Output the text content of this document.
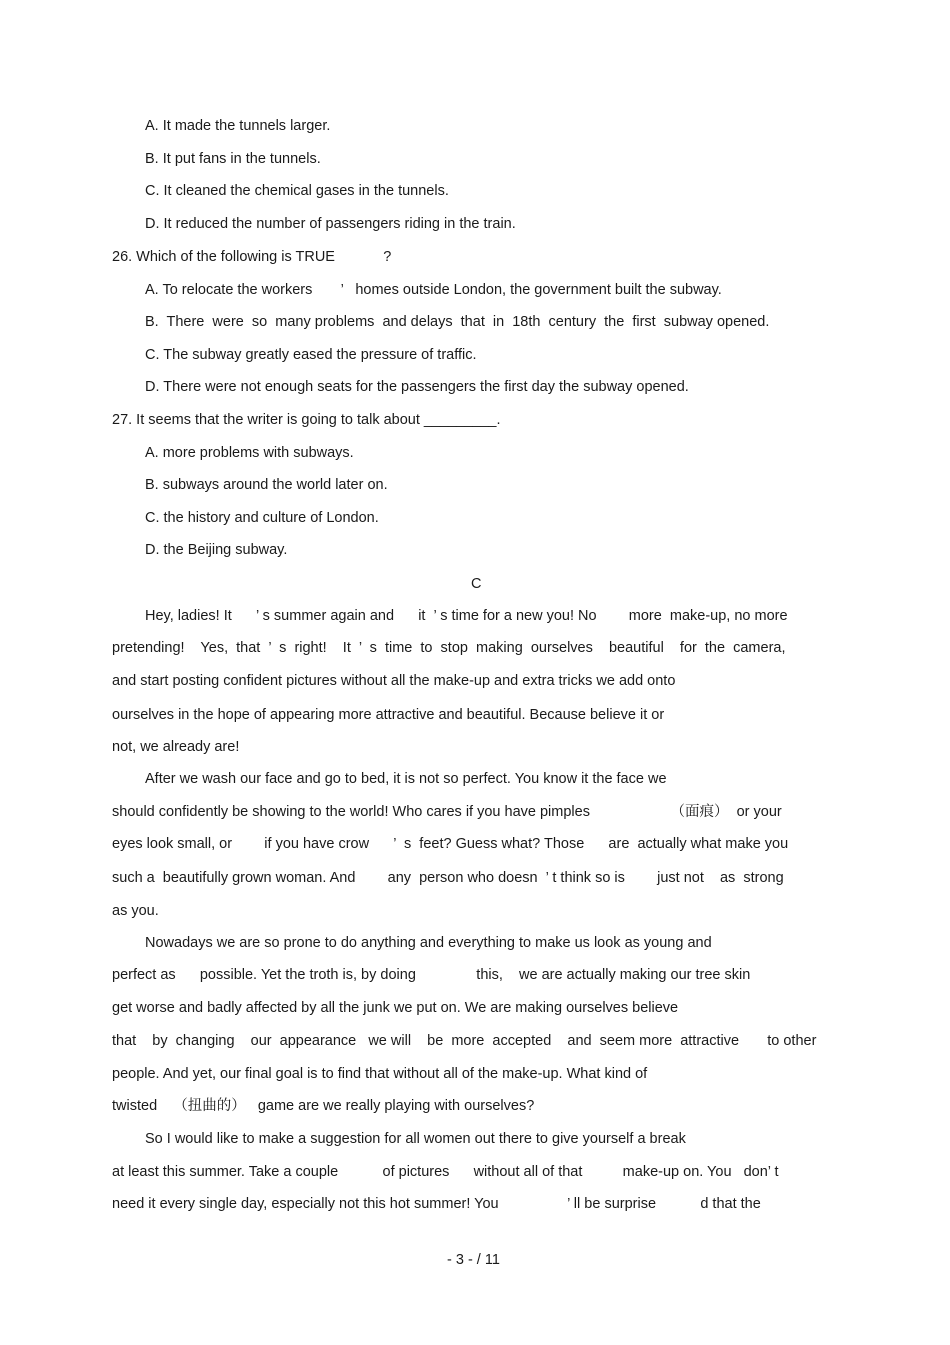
A. It made the tunnels larger.
B. It put fans in the tunnels.
C. It cleaned the chemical gases in the tunnels.
D. It reduced the number of passengers riding in the train.
26. Which of the following is TRUE            ?
A. To relocate the workers       ’   homes outside London, the government built the subway.
B.  There  were  so  many problems  and delays  that  in  18th  century  the  first  subway opened.
C. The subway greatly eased the pressure of traffic.
D. There were not enough seats for the passengers the first day the subway opened.
27. It seems that the writer is going to talk about _________.
A. more problems with subways.
B. subways around the world later on.
C. the history and culture of London.
D. the Beijing subway.
C
Hey, ladies! It      ’ s summer again and      it  ’ s time for a new you! No        more  make-up, no more
pretending!    Yes,  that  ’  s  right!    It  ’  s  time  to  stop  making  ourselves    beautiful    for  the  camera,
and start posting confident pictures without all the make-up and extra tricks we add onto
ourselves in the hope of appearing more attractive and beautiful. Because believe it or
not, we already are!
After we wash our face and go to bed, it is not so perfect. You know it the face we
should confidently be showing to the world! Who cares if you have pimples                    （面痕）  or your
eyes look small, or        if you have crow      ’  s  feet? Guess what? Those      are  actually what make you
such a  beautifully grown woman. And        any  person who doesn  ’ t think so is        just not    as  strong
as you.
Nowadays we are so prone to do anything and everything to make us look as young and
perfect as      possible. Yet the troth is, by doing               this,    we are actually making our tree skin
get worse and badly affected by all the junk we put on. We are making ourselves believe
that    by  changing    our  appearance   we will    be  more  accepted    and  seem more  attractive       to other
people. And yet, our final goal is to find that without all of the make-up. What kind of
twisted    （扭曲的）   game are we really playing with ourselves?
So I would like to make a suggestion for all women out there to give yourself a break
at least this summer. Take a couple           of pictures      without all of that          make-up on. You   don’ t
need it every single day, especially not this hot summer! You                 ’ ll be surprise           d that the
- 3 - / 11
